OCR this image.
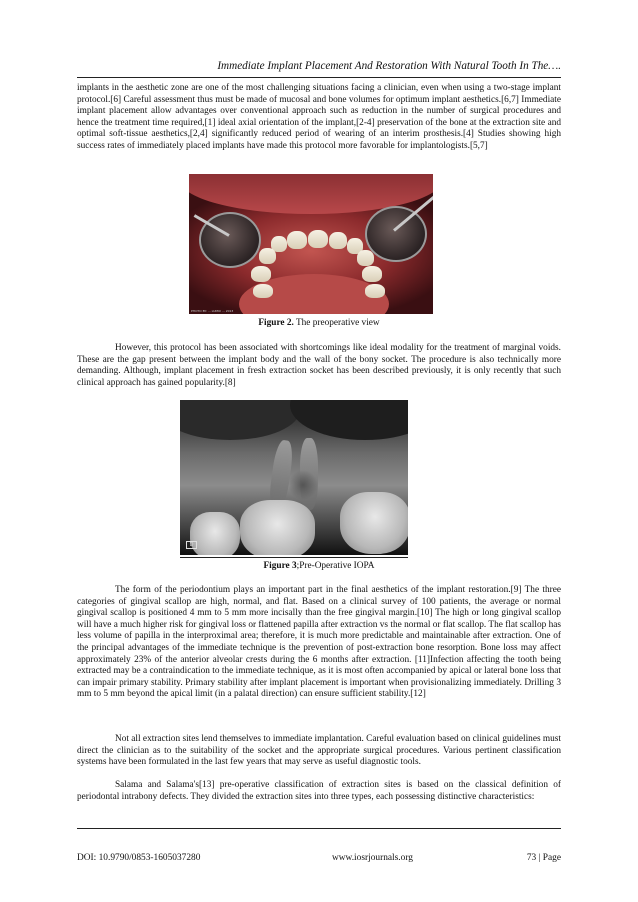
Immediate Implant Placement And Restoration With Natural Tooth In The….

implants in the aesthetic zone are one of the most challenging situations facing a clinician, even when using a two-stage implant protocol.[6] Careful assessment thus must be made of mucosal and bone volumes for optimum implant aesthetics.[6,7] Immediate implant placement allow advantages over conventional approach such as reduction in the number of surgical procedures and hence the treatment time required,[1] ideal axial orientation of the implant,[2-4] preservation of the bone at the extraction site and optimal soft-tissue aesthetics,[2,4] significantly reduced period of wearing of an interim prosthesis.[4] Studies showing high success rates of immediately placed implants have made this protocol more favorable for implantologists.[5,7]

PHOTO BY: ... LUMIX ... 2013
Figure 2. The preoperative view

However, this protocol has been associated with shortcomings like ideal modality for the treatment of marginal voids. These are the gap present between the implant body and the wall of the bony socket. The procedure is also technically more demanding. Although, implant placement in fresh extraction socket has been described previously, it is only recently that such clinical approach has gained popularity.[8]

D
Figure 3;Pre-Operative IOPA

The form of the periodontium plays an important part in the final aesthetics of the implant restoration.[9] The three categories of gingival scallop are high, normal, and flat. Based on a clinical survey of 100 patients, the average or normal gingival scallop is positioned 4 mm to 5 mm more incisally than the free gingival margin.[10] The high or long gingival scallop will have a much higher risk for gingival loss or flattened papilla after extraction vs the normal or flat scallop. The flat scallop has less volume of papilla in the interproximal area; therefore, it is much more predictable and maintainable after extraction. One of the principal advantages of the immediate technique is the prevention of post-extraction bone resorption. Bone loss may affect approximately 23% of the anterior alveolar crests during the 6 months after extraction. [11]Infection affecting the tooth being extracted may be a contraindication to the immediate technique, as it is most often accompanied by apical or lateral bone loss that can impair primary stability. Primary stability after implant placement is important when provisionalizing immediately. Drilling 3 mm to 5 mm beyond the apical limit (in a palatal direction) can ensure sufficient stability.[12]

Not all extraction sites lend themselves to immediate implantation. Careful evaluation based on clinical guidelines must direct the clinician as to the suitability of the socket and the appropriate surgical procedures. Various pertinent classification systems have been formulated in the last few years that may serve as useful diagnostic tools.

Salama and Salama's[13] pre-operative classification of extraction sites is based on the classical definition of periodontal intrabony defects. They divided the extraction sites into three types, each possessing distinctive characteristics:

DOI: 10.9790/0853-1605037280	www.iosrjournals.org	73 | Page
